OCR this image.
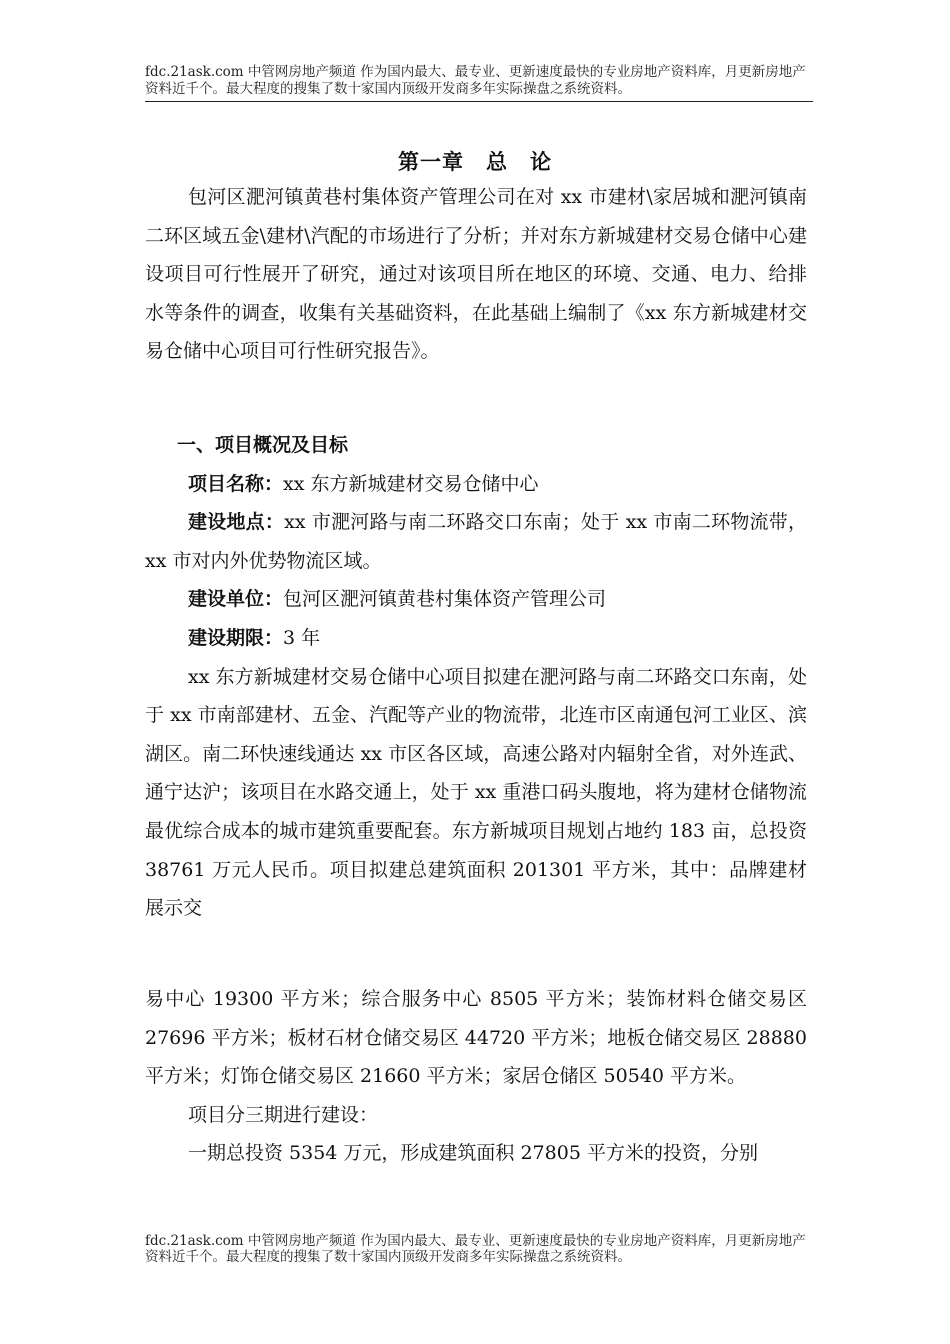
fdc.21ask.com 中管网房地产频道 作为国内最大、最专业、更新速度最快的专业房地产资料库，月更新房地产资料近千个。最大程度的搜集了数十家国内顶级开发商多年实际操盘之系统资料。
第一章 总 论

包河区淝河镇黄巷村集体资产管理公司在对 xx 市建材\家居城和淝河镇南二环区域五金\建材\汽配的市场进行了分析；并对东方新城建材交易仓储中心建设项目可行性展开了研究，通过对该项目所在地区的环境、交通、电力、给排水等条件的调查，收集有关基础资料，在此基础上编制了《xx 东方新城建材交易仓储中心项目可行性研究报告》。

一、项目概况及目标

项目名称：xx 东方新城建材交易仓储中心

建设地点：xx 市淝河路与南二环路交口东南；处于 xx 市南二环物流带，xx 市对内外优势物流区域。

建设单位：包河区淝河镇黄巷村集体资产管理公司

建设期限：3 年

xx 东方新城建材交易仓储中心项目拟建在淝河路与南二环路交口东南，处于 xx 市南部建材、五金、汽配等产业的物流带，北连市区南通包河工业区、滨湖区。南二环快速线通达 xx 市区各区域，高速公路对内辐射全省，对外连武、通宁达沪；该项目在水路交通上，处于 xx 重港口码头腹地，将为建材仓储物流最优综合成本的城市建筑重要配套。东方新城项目规划占地约 183 亩，总投资 38761 万元人民币。项目拟建总建筑面积 201301 平方米，其中：品牌建材展示交

易中心 19300 平方米；综合服务中心 8505 平方米；装饰材料仓储交易区 27696 平方米；板材石材仓储交易区 44720 平方米；地板仓储交易区 28880 平方米；灯饰仓储交易区 21660 平方米；家居仓储区 50540 平方米。

项目分三期进行建设：

一期总投资 5354 万元，形成建筑面积 27805 平方米的投资，分别

fdc.21ask.com 中管网房地产频道 作为国内最大、最专业、更新速度最快的专业房地产资料库，月更新房地产资料近千个。最大程度的搜集了数十家国内顶级开发商多年实际操盘之系统资料。
